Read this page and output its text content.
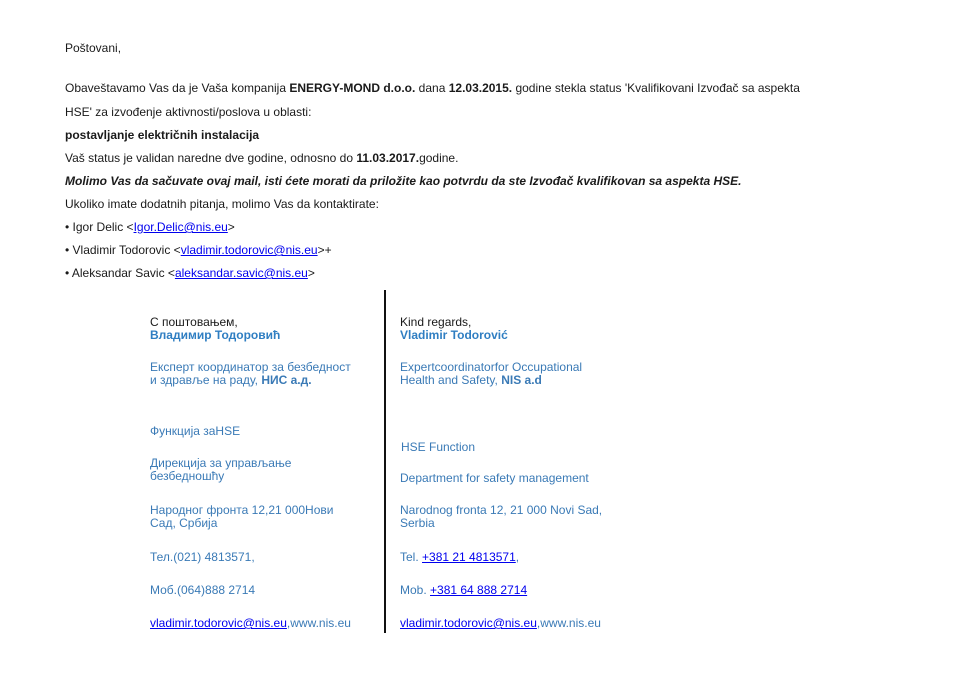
Poštovani,
Obaveštavamo Vas da je Vaša kompanija ENERGY-MOND d.o.o. dana 12.03.2015. godine stekla status 'Kvalifikovani Izvođač sa aspekta
HSE' za izvođenje aktivnosti/poslova u oblasti:
postavljanje električnih instalacija
Vaš status je validan naredne dve godine, odnosno do 11.03.2017.godine.
Molimo Vas da sačuvate ovaj mail, isti ćete morati da priložite kao potvrdu da ste Izvođač kvalifikovan sa aspekta HSE.
Ukoliko imate dodatnih pitanja, molimo Vas da kontaktirate:
• Igor Delic <Igor.Delic@nis.eu>
• Vladimir Todorovic <vladimir.todorovic@nis.eu>+
• Aleksandar Savic <aleksandar.savic@nis.eu>
С поштовањем,
Владимир Тодоровић
Експерт координатор за безбедност
и здравље на раду, НИС а.д.
Функција заHSE
Дирекција за управљање
безбедношћу
Народног фронта 12,21 000Нови
Сад, Србија
Тел.(021) 4813571,
Моб.(064)888 2714
vladimir.todorovic@nis.eu,www.nis.eu
Kind regards,
Vladimir Todorović
Expertcoordinatorfor Occupational
Health and Safety, NIS a.d
HSE Function
Department for safety management
Narodnog fronta 12, 21 000 Novi Sad,
Serbia
Tel. +381 21 4813571,
Mob. +381 64 888 2714
vladimir.todorovic@nis.eu,www.nis.eu
